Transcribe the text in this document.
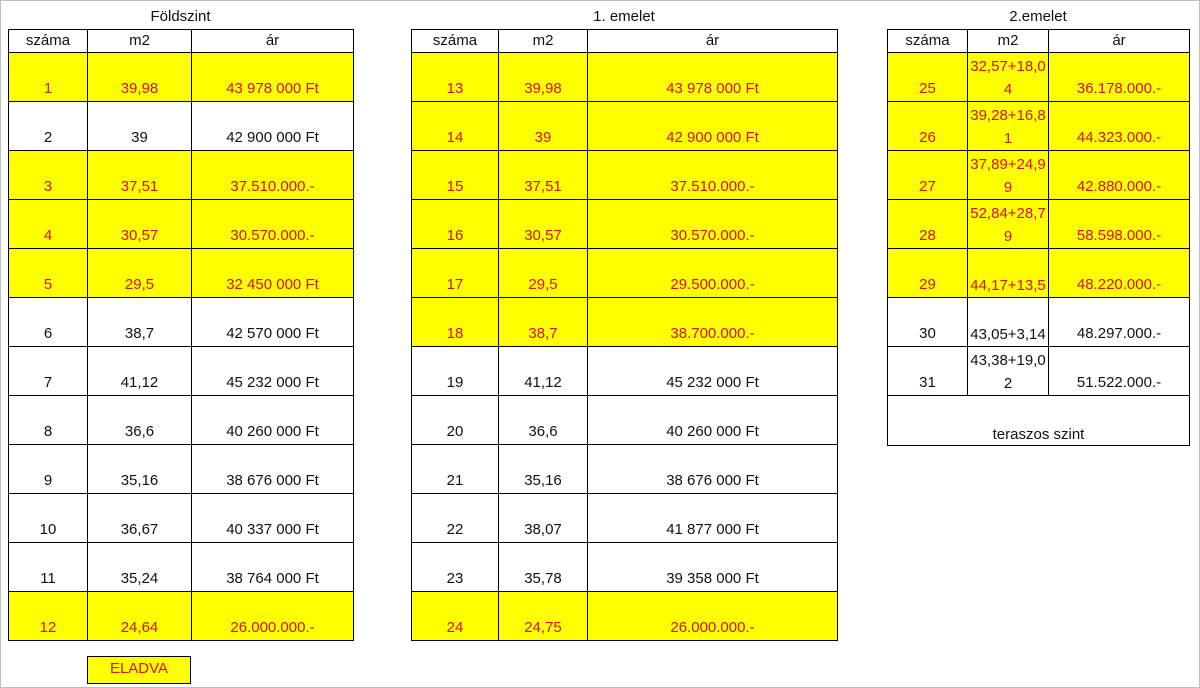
Földszint
száma	m2	ár
1	39,98	43 978 000 Ft
2	39	42 900 000 Ft
3	37,51	37.510.000.-
4	30,57	30.570.000.-
5	29,5	32 450 000 Ft
6	38,7	42 570 000 Ft
7	41,12	45 232 000 Ft
8	36,6	40 260 000 Ft
9	35,16	38 676 000 Ft
10	36,67	40 337 000 Ft
11	35,24	38 764 000 Ft
12	24,64	26.000.000.-
1. emelet
száma	m2	ár
13	39,98	43 978 000 Ft
14	39	42 900 000 Ft
15	37,51	37.510.000.-
16	30,57	30.570.000.-
17	29,5	29.500.000.-
18	38,7	38.700.000.-
19	41,12	45 232 000 Ft
20	36,6	40 260 000 Ft
21	35,16	38 676 000 Ft
22	38,07	41 877 000 Ft
23	35,78	39 358 000 Ft
24	24,75	26.000.000.-
2.emelet
száma	m2	ár
25	32,57+18,04	36.178.000.-
26	39,28+16,81	44.323.000.-
27	37,89+24,99	42.880.000.-
28	52,84+28,79	58.598.000.-
29	44,17+13,5	48.220.000.-
30	43,05+3,14	48.297.000.-
31	43,38+19,02	51.522.000.-
teraszos szint		
ELADVA
